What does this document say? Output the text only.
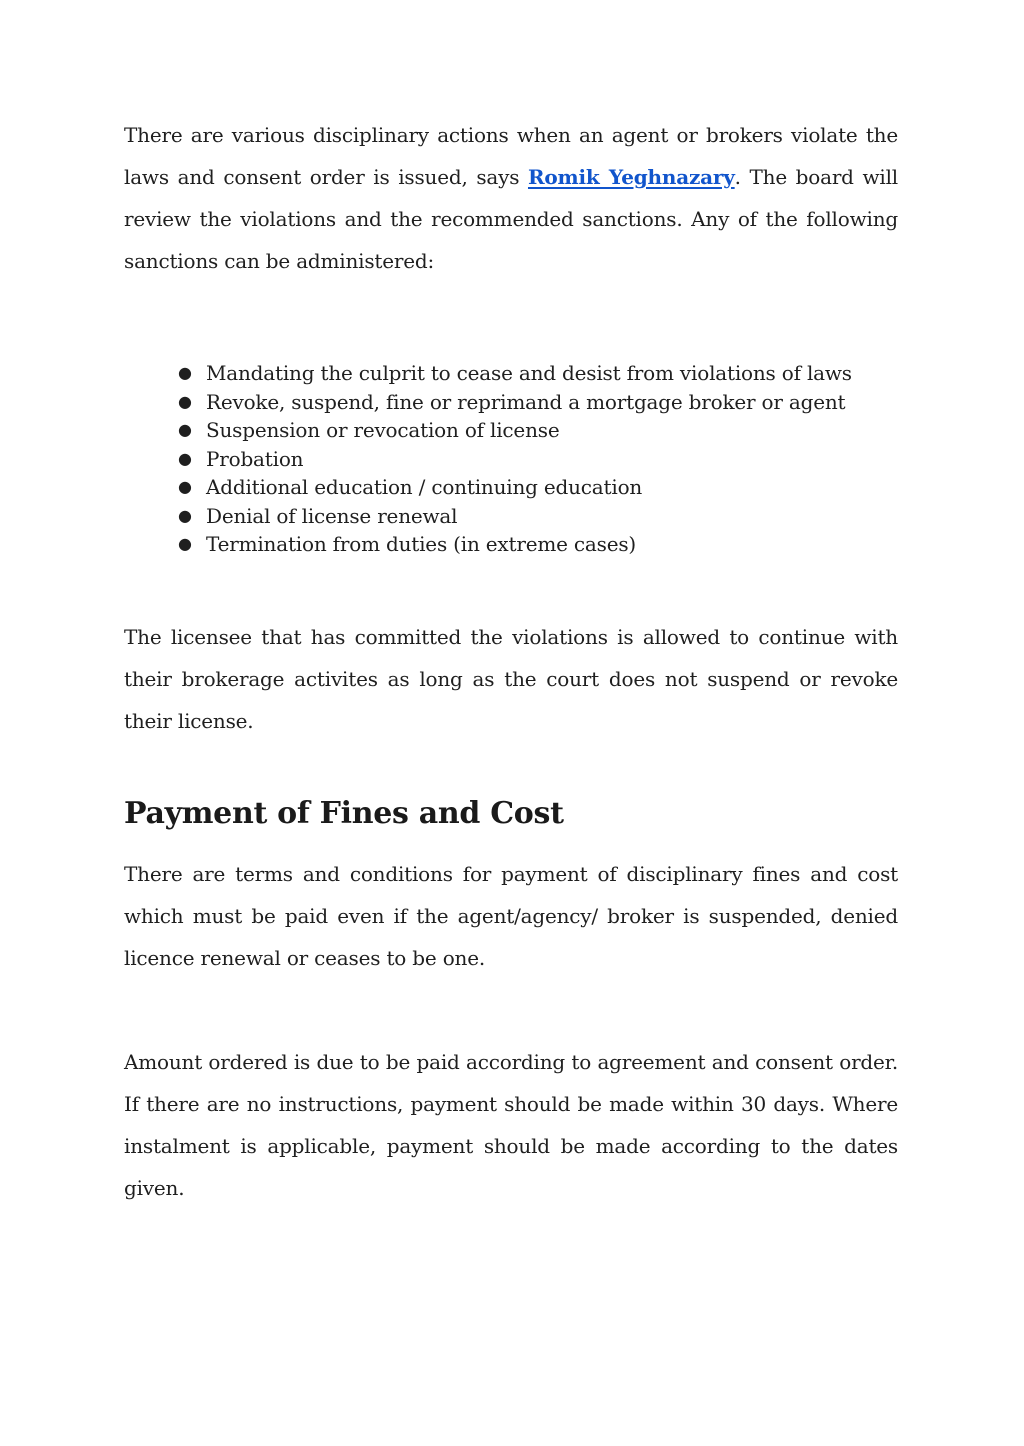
There are various disciplinary actions when an agent or brokers violate the laws and consent order is issued, says Romik Yeghnazary. The board will review the violations and the recommended sanctions. Any of the following sanctions can be administered:

● Mandating the culprit to cease and desist from violations of laws
● Revoke, suspend, fine or reprimand a mortgage broker or agent
● Suspension or revocation of license
● Probation
● Additional education / continuing education
● Denial of license renewal
● Termination from duties (in extreme cases)

The licensee that has committed the violations is allowed to continue with their brokerage activites as long as the court does not suspend or revoke their license.

Payment of Fines and Cost

There are terms and conditions for payment of disciplinary fines and cost which must be paid even if the agent/agency/ broker is suspended, denied licence renewal or ceases to be one.

Amount ordered is due to be paid according to agreement and consent order. If there are no instructions, payment should be made within 30 days. Where instalment is applicable, payment should be made according to the dates given.
